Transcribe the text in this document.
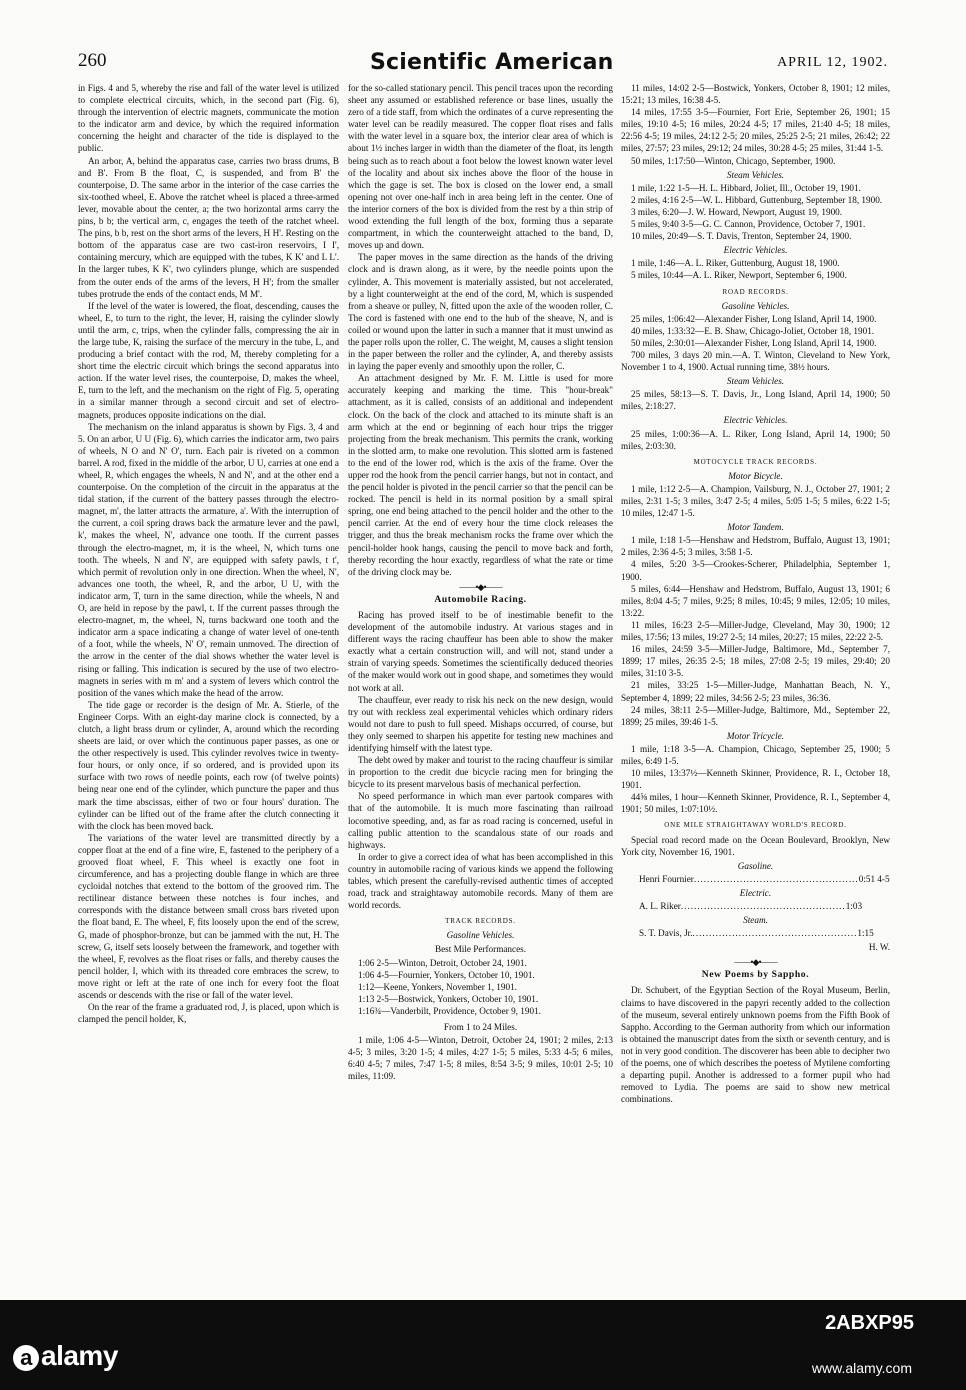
260	Scientific American	APRIL 12, 1902.

in Figs. 4 and 5, whereby the rise and fall of the water level is utilized to complete electrical circuits, which, in the second part (Fig. 6), through the intervention of electric magnets, communicate the motion to the indicator arm and device, by which the required information concerning the height and character of the tide is displayed to the public.

An arbor, A, behind the apparatus case, carries two brass drums, B and B'. From B the float, C, is suspended, and from B' the counterpoise, D. The same arbor in the interior of the case carries the six-toothed wheel, E. Above the ratchet wheel is placed a three-armed lever, movable about the center, a; the two horizontal arms carry the pins, b b; the vertical arm, c, engages the teeth of the ratchet wheel. The pins, b b, rest on the short arms of the levers, H H'. Resting on the bottom of the apparatus case are two cast-iron reservoirs, I I', containing mercury, which are equipped with the tubes, K K' and L L'. In the larger tubes, K K', two cylinders plunge, which are suspended from the outer ends of the arms of the levers, H H'; from the smaller tubes protrude the ends of the contact ends, M M'.

If the level of the water is lowered, the float, descending, causes the wheel, E, to turn to the right, the lever, H, raising the cylinder slowly until the arm, c, trips, when the cylinder falls, compressing the air in the large tube, K, raising the surface of the mercury in the tube, L, and producing a brief contact with the rod, M, thereby completing for a short time the electric circuit which brings the second apparatus into action. If the water level rises, the counterpoise, D, makes the wheel, E, turn to the left, and the mechanism on the right of Fig. 5, operating in a similar manner through a second circuit and set of electro-magnets, produces opposite indications on the dial.

The mechanism on the inland apparatus is shown by Figs. 3, 4 and 5. On an arbor, U U (Fig. 6), which carries the indicator arm, two pairs of wheels, N O and N' O', turn. Each pair is riveted on a common barrel. A rod, fixed in the middle of the arbor, U U, carries at one end a wheel, R, which engages the wheels, N and N', and at the other end a counterpoise. On the completion of the circuit in the apparatus at the tidal station, if the current of the battery passes through the electro-magnet, m', the latter attracts the armature, a'. With the interruption of the current, a coil spring draws back the armature lever and the pawl, k', makes the wheel, N', advance one tooth. If the current passes through the electro-magnet, m, it is the wheel, N, which turns one tooth. The wheels, N and N', are equipped with safety pawls, t t', which permit of revolution only in one direction. When the wheel, N', advances one tooth, the wheel, R, and the arbor, U U, with the indicator arm, T, turn in the same direction, while the wheels, N and O, are held in repose by the pawl, t. If the current passes through the electro-magnet, m, the wheel, N, turns backward one tooth and the indicator arm a space indicating a change of water level of one-tenth of a foot, while the wheels, N' O', remain unmoved. The direction of the arrow in the center of the dial shows whether the water level is rising or falling. This indication is secured by the use of two electro-magnets in series with m m' and a system of levers which control the position of the vanes which make the head of the arrow.

The tide gage or recorder is the design of Mr. A. Stierle, of the Engineer Corps. With an eight-day marine clock is connected, by a clutch, a light brass drum or cylinder, A, around which the recording sheets are laid, or over which the continuous paper passes, as one or the other respectively is used. This cylinder revolves twice in twenty-four hours, or only once, if so ordered, and is provided upon its surface with two rows of needle points, each row (of twelve points) being near one end of the cylinder, which puncture the paper and thus mark the time abscissas, either of two or four hours' duration. The cylinder can be lifted out of the frame after the clutch connecting it with the clock has been moved back.

The variations of the water level are transmitted directly by a copper float at the end of a fine wire, E, fastened to the periphery of a grooved float wheel, F. This wheel is exactly one foot in circumference, and has a projecting double flange in which are three cycloidal notches that extend to the bottom of the grooved rim. The rectilinear distance between these notches is four inches, and corresponds with the distance between small cross bars riveted upon the float band, E. The wheel, F, fits loosely upon the end of the screw, G, made of phosphor-bronze, but can be jammed with the nut, H. The screw, G, itself sets loosely between the framework, and together with the wheel, F, revolves as the float rises or falls, and thereby causes the pencil holder, I, which with its threaded core embraces the screw, to move right or left at the rate of one inch for every foot the float ascends or descends with the rise or fall of the water level.

On the rear of the frame a graduated rod, J, is placed, upon which is clamped the pencil holder, K,

for the so-called stationary pencil. This pencil traces upon the recording sheet any assumed or established reference or base lines, usually the zero of a tide staff, from which the ordinates of a curve representing the water level can be readily measured. The copper float rises and falls with the water level in a square box, the interior clear area of which is about 1½ inches larger in width than the diameter of the float, its length being such as to reach about a foot below the lowest known water level of the locality and about six inches above the floor of the house in which the gage is set. The box is closed on the lower end, a small opening not over one-half inch in area being left in the center. One of the interior corners of the box is divided from the rest by a thin strip of wood extending the full length of the box, forming thus a separate compartment, in which the counterweight attached to the band, D, moves up and down.

The paper moves in the same direction as the hands of the driving clock and is drawn along, as it were, by the needle points upon the cylinder, A. This movement is materially assisted, but not accelerated, by a light counterweight at the end of the cord, M, which is suspended from a sheave or pulley, N, fitted upon the axle of the wooden roller, C. The cord is fastened with one end to the hub of the sheave, N, and is coiled or wound upon the latter in such a manner that it must unwind as the paper rolls upon the roller, C. The weight, M, causes a slight tension in the paper between the roller and the cylinder, A, and thereby assists in laying the paper evenly and smoothly upon the roller, C.

An attachment designed by Mr. F. M. Little is used for more accurately keeping and marking the time. This "hour-break" attachment, as it is called, consists of an additional and independent clock. On the back of the clock and attached to its minute shaft is an arm which at the end or beginning of each hour trips the trigger projecting from the break mechanism. This permits the crank, working in the slotted arm, to make one revolution. This slotted arm is fastened to the end of the lower rod, which is the axis of the frame. Over the upper rod the hook from the pencil carrier hangs, but not in contact, and the pencil holder is pivoted in the pencil carrier so that the pencil can be rocked. The pencil is held in its normal position by a small spiral spring, one end being attached to the pencil holder and the other to the pencil carrier. At the end of every hour the time clock releases the trigger, and thus the break mechanism rocks the frame over which the pencil-holder hook hangs, causing the pencil to move back and forth, thereby recording the hour exactly, regardless of what the rate or time of the driving clock may be.

——•◆•——
Automobile Racing.

Racing has proved itself to be of inestimable benefit to the development of the automobile industry. At various stages and in different ways the racing chauffeur has been able to show the maker exactly what a certain construction will, and will not, stand under a strain of varying speeds. Sometimes the scientifically deduced theories of the maker would work out in good shape, and sometimes they would not work at all.

The chauffeur, ever ready to risk his neck on the new design, would try out with reckless zeal experimental vehicles which ordinary riders would not dare to push to full speed. Mishaps occurred, of course, but they only seemed to sharpen his appetite for testing new machines and identifying himself with the latest type.

The debt owed by maker and tourist to the racing chauffeur is similar in proportion to the credit due bicycle racing men for bringing the bicycle to its present marvelous basis of mechanical perfection.

No speed performance in which man ever partook compares with that of the automobile. It is much more fascinating than railroad locomotive speeding, and, as far as road racing is concerned, useful in calling public attention to the scandalous state of our roads and highways.

In order to give a correct idea of what has been accomplished in this country in automobile racing of various kinds we append the following tables, which present the carefully-revised authentic times of accepted road, track and straightaway automobile records. Many of them are world records.

TRACK RECORDS.
Gasoline Vehicles.
Best Mile Performances.

1:06 2-5—Winton, Detroit, October 24, 1901.

1:06 4-5—Fournier, Yonkers, October 10, 1901.

1:12—Keene, Yonkers, November 1, 1901.

1:13 2-5—Bostwick, Yonkers, October 10, 1901.

1:16¾—Vanderbilt, Providence, October 9, 1901.

From 1 to 24 Miles.

1 mile, 1:06 4-5—Winton, Detroit, October 24, 1901; 2 miles, 2:13 4-5; 3 miles, 3:20 1-5; 4 miles, 4:27 1-5; 5 miles, 5:33 4-5; 6 miles, 6:40 4-5; 7 miles, 7:47 1-5; 8 miles, 8:54 3-5; 9 miles, 10:01 2-5; 10 miles, 11:09.

11 miles, 14:02 2-5—Bostwick, Yonkers, October 8, 1901; 12 miles, 15:21; 13 miles, 16:38 4-5.

14 miles, 17:55 3-5—Fournier, Fort Erie, September 26, 1901; 15 miles, 19:10 4-5; 16 miles, 20:24 4-5; 17 miles, 21:40 4-5; 18 miles, 22:56 4-5; 19 miles, 24:12 2-5; 20 miles, 25:25 2-5; 21 miles, 26:42; 22 miles, 27:57; 23 miles, 29:12; 24 miles, 30:28 4-5; 25 miles, 31:44 1-5.

50 miles, 1:17:50—Winton, Chicago, September, 1900.

Steam Vehicles.

1 mile, 1:22 1-5—H. L. Hibbard, Joliet, Ill., October 19, 1901.

2 miles, 4:16 2-5—W. L. Hibbard, Guttenburg, September 18, 1900.

3 miles, 6:20—J. W. Howard, Newport, August 19, 1900.

5 miles, 9:40 3-5—G. C. Cannon, Providence, October 7, 1901.

10 miles, 20:49—S. T. Davis, Trenton, September 24, 1900.

Electric Vehicles.

1 mile, 1:46—A. L. Riker, Guttenburg, August 18, 1900.

5 miles, 10:44—A. L. Riker, Newport, September 6, 1900.

ROAD RECORDS.
Gasoline Vehicles.

25 miles, 1:06:42—Alexander Fisher, Long Island, April 14, 1900.

40 miles, 1:33:32—E. B. Shaw, Chicago-Joliet, October 18, 1901.

50 miles, 2:30:01—Alexander Fisher, Long Island, April 14, 1900.

700 miles, 3 days 20 min.—A. T. Winton, Cleveland to New York, November 1 to 4, 1900. Actual running time, 38½ hours.

Steam Vehicles.

25 miles, 58:13—S. T. Davis, Jr., Long Island, April 14, 1900; 50 miles, 2:18:27.

Electric Vehicles.

25 miles, 1:00:36—A. L. Riker, Long Island, April 14, 1900; 50 miles, 2:03:30.

MOTOCYCLE TRACK RECORDS.
Motor Bicycle.

1 mile, 1:12 2-5—A. Champion, Vailsburg, N. J., October 27, 1901; 2 miles, 2:31 1-5; 3 miles, 3:47 2-5; 4 miles, 5:05 1-5; 5 miles, 6:22 1-5; 10 miles, 12:47 1-5.

Motor Tandem.

1 mile, 1:18 1-5—Henshaw and Hedstrom, Buffalo, August 13, 1901; 2 miles, 2:36 4-5; 3 miles, 3:58 1-5.

4 miles, 5:20 3-5—Crookes-Scherer, Philadelphia, September 1, 1900.

5 miles, 6:44—Henshaw and Hedstrom, Buffalo, August 13, 1901; 6 miles, 8:04 4-5; 7 miles, 9:25; 8 miles, 10:45; 9 miles, 12:05; 10 miles, 13:22.

11 miles, 16:23 2-5—Miller-Judge, Cleveland, May 30, 1900; 12 miles, 17:56; 13 miles, 19:27 2-5; 14 miles, 20:27; 15 miles, 22:22 2-5.

16 miles, 24:59 3-5—Miller-Judge, Baltimore, Md., September 7, 1899; 17 miles, 26:35 2-5; 18 miles, 27:08 2-5; 19 miles, 29:40; 20 miles, 31:10 3-5.

21 miles, 33:25 1-5—Miller-Judge, Manhattan Beach, N. Y., September 4, 1899; 22 miles, 34:56 2-5; 23 miles, 36:36.

24 miles, 38:11 2-5—Miller-Judge, Baltimore, Md., September 22, 1899; 25 miles, 39:46 1-5.

Motor Tricycle.

1 mile, 1:18 3-5—A. Champion, Chicago, September 25, 1900; 5 miles, 6:49 1-5.

10 miles, 13:37½—Kenneth Skinner, Providence, R. I., October 18, 1901.

44⅝ miles, 1 hour—Kenneth Skinner, Providence, R. I., September 4, 1901; 50 miles, 1:07:10½.

ONE MILE STRAIGHTAWAY WORLD'S RECORD.

Special road record made on the Ocean Boulevard, Brooklyn, New York city, November 16, 1901.

Gasoline.
Henri Fournier .................................................. 0:51 4-5
Electric.
A. L. Riker .................................................. 1:03
Steam.
S. T. Davis, Jr. .................................................. 1:15

H. W.

——•◆•——
New Poems by Sappho.

Dr. Schubert, of the Egyptian Section of the Royal Museum, Berlin, claims to have discovered in the papyri recently added to the collection of the museum, several entirely unknown poems from the Fifth Book of Sappho. According to the German authority from which our information is obtained the manuscript dates from the sixth or seventh century, and is not in very good condition. The discoverer has been able to decipher two of the poems, one of which describes the poetess of Mytilene comforting a departing pupil. Another is addressed to a former pupil who had removed to Lydia. The poems are said to show new metrical combinations.

a alamy
2ABXP95
www.alamy.com
